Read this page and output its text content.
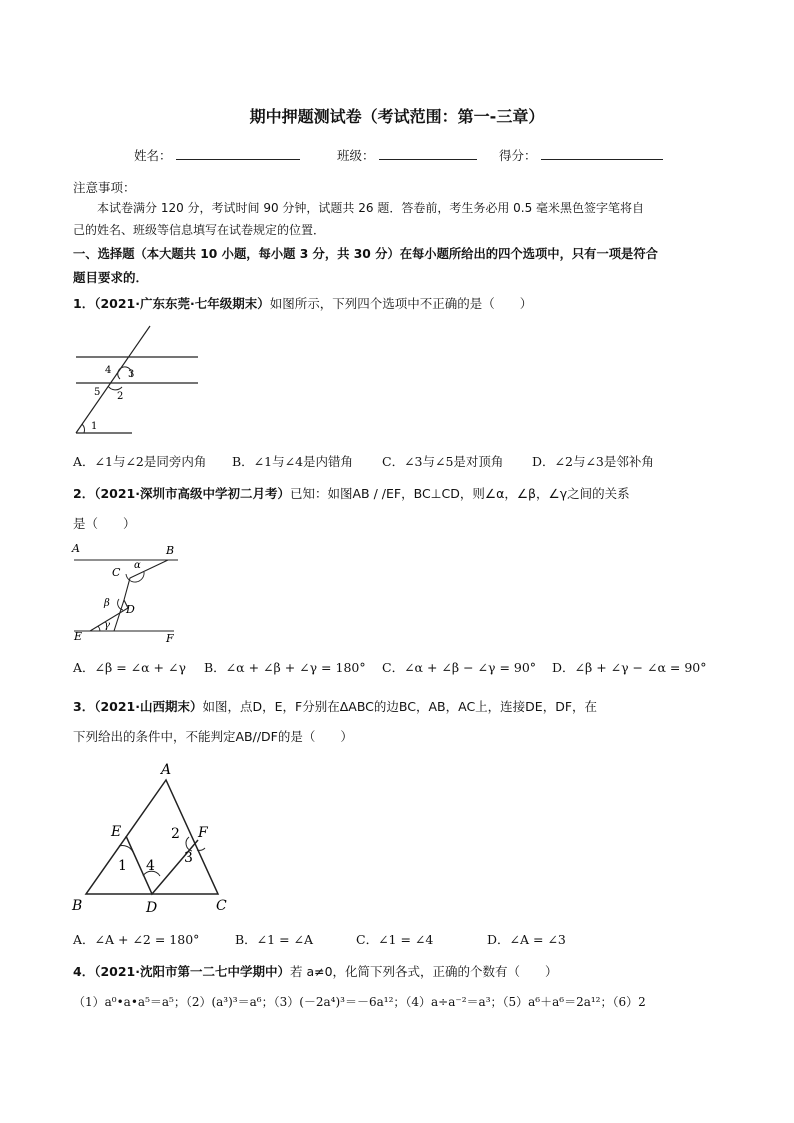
期中押题测试卷（考试范围：第一-三章）
姓名：	班级：	得分：
注意事项：
本试卷满分 120 分，考试时间 90 分钟，试题共 26 题．答卷前，考生务必用 0.5 毫米黑色签字笔将自
己的姓名、班级等信息填写在试卷规定的位置．
一、选择题（本大题共 10 小题，每小题 3 分，共 30 分）在每小题所给出的四个选项中，只有一项是符合
题目要求的．
1．（2021·广东东莞·七年级期末）如图所示，下列四个选项中不正确的是（　　）
4 3
5 2
1
A．∠1与∠2是同旁内角 B．∠1与∠4是内错角 C．∠3与∠5是对顶角 D．∠2与∠3是邻补角
2．（2021·深圳市高级中学初二月考）已知：如图AB / /EF，BC⊥CD，则∠α，∠β，∠γ之间的关系
是（　　）
A	B
C
D
E	F
α
β
γ
A．∠β = ∠α + ∠γ B．∠α + ∠β + ∠γ = 180° C．∠α + ∠β − ∠γ = 90° D．∠β + ∠γ − ∠α = 90°
3．（2021·山西期末）如图，点D，E，F分别在ΔABC的边BC，AB，AC上，连接DE，DF，在
下列给出的条件中，不能判定AB//DF的是（　　）
A
B	C
D
E	F
1
2
3
4
A．∠A + ∠2 = 180°	B．∠1 = ∠A	C．∠1 = ∠4	D．∠A = ∠3
4．（2021·沈阳市第一二七中学期中）若 a≠0，化简下列各式，正确的个数有（　　）
（1）a⁰•a•a⁵＝a⁵；（2）(a³)³＝a⁶；（3）(－2a⁴)³＝－6a¹²；（4）a÷a⁻²＝a³；（5）a⁶＋a⁶＝2a¹²；（6）2
